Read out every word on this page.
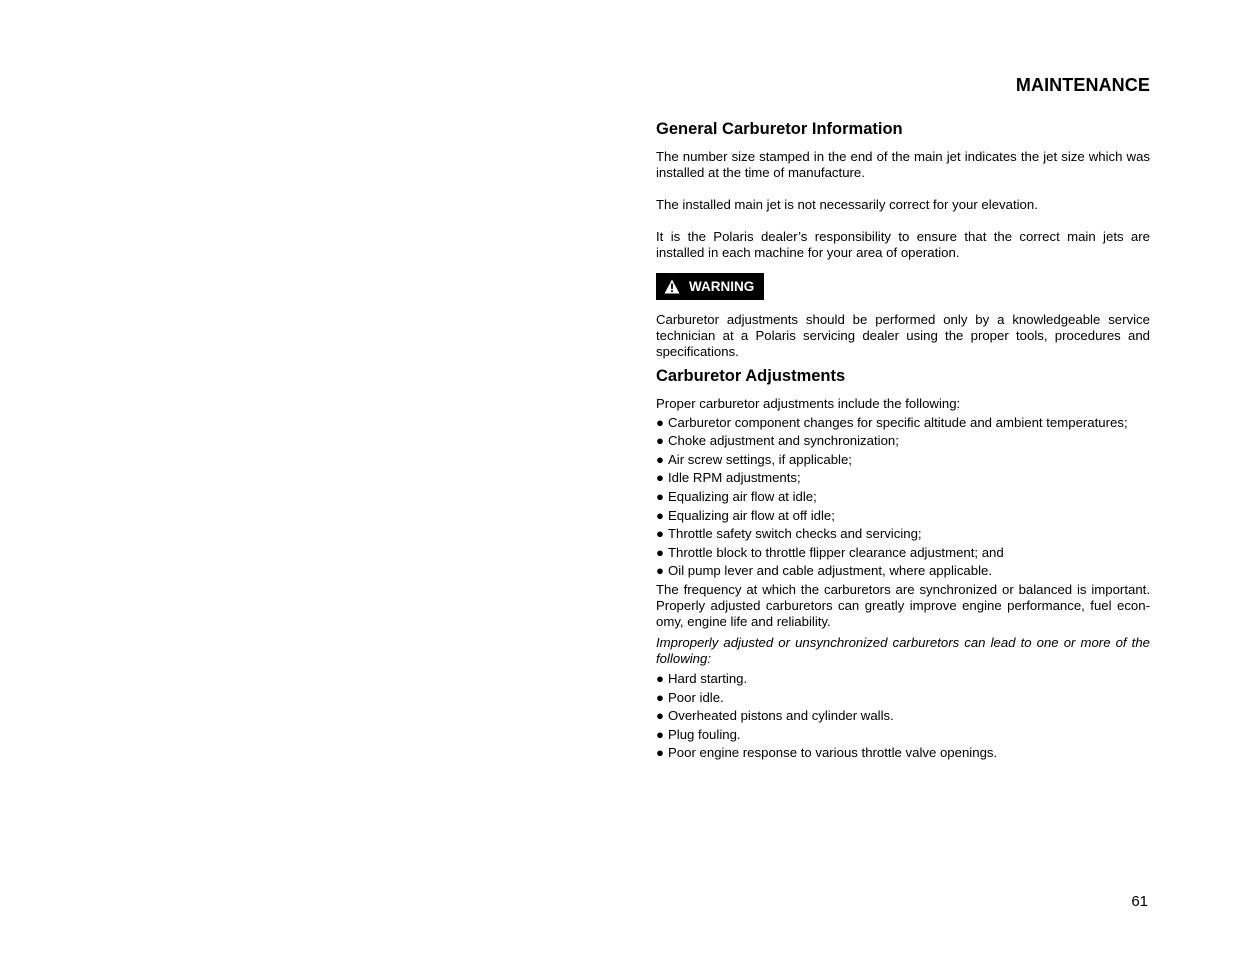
MAINTENANCE
General Carburetor Information

The number size stamped in the end of the main jet indicates the jet size which was installed at the time of manufacture.

The installed main jet is not necessarily correct for your elevation.

It is the Polaris dealer’s responsibility to ensure that the correct main jets are installed in each machine for your area of operation.

WARNING

Carburetor adjustments should be performed only by a knowledgeable service technician at a Polaris servicing dealer using the proper tools, procedures and specifications.

Carburetor Adjustments

Proper carburetor adjustments include the following:

● Carburetor component changes for specific altitude and ambient temperatures;
● Choke adjustment and synchronization;
● Air screw settings, if applicable;
● Idle RPM adjustments;
● Equalizing air flow at idle;
● Equalizing air flow at off idle;
● Throttle safety switch checks and servicing;
● Throttle block to throttle flipper clearance adjustment; and
● Oil pump lever and cable adjustment, where applicable.

The frequency at which the carburetors are synchronized or balanced is important. Properly adjusted carburetors can greatly improve engine performance, fuel econ- omy, engine life and reliability.

Improperly adjusted or unsynchronized carburetors can lead to one or more of the following:

● Hard starting.
● Poor idle.
● Overheated pistons and cylinder walls.
● Plug fouling.
● Poor engine response to various throttle valve openings.
61
